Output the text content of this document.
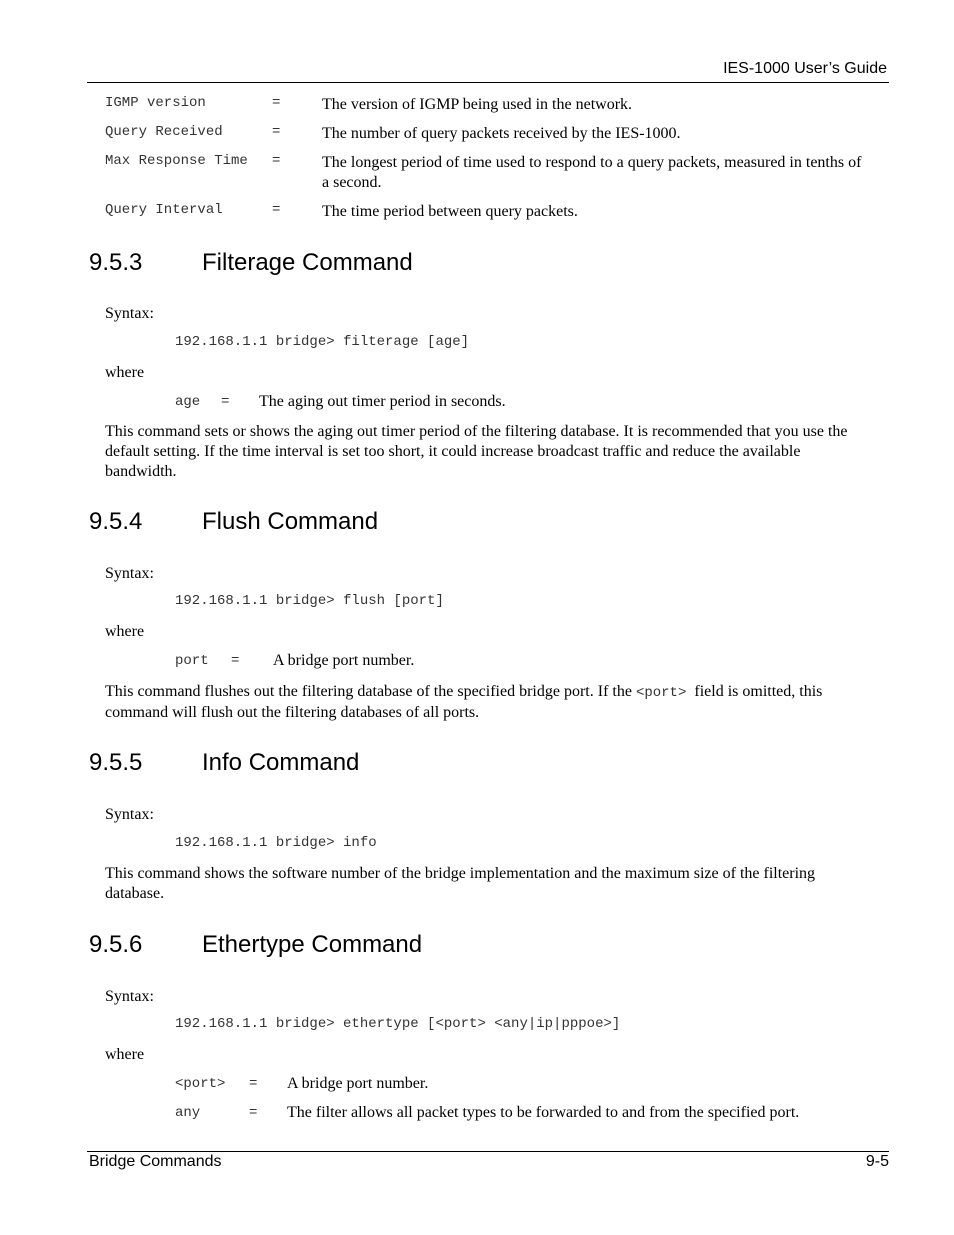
IES-1000 User’s Guide
IGMP version	=	The version of IGMP being used in the network.
Query Received	=	The number of query packets received by the IES-1000.
Max Response Time =	The longest period of time used to respond to a query packets, measured in tenths of a second.
Query Interval	=	The time period between query packets.
9.5.3 Filterage Command
Syntax:
192.168.1.1 bridge> filterage [age]
where
age = The aging out timer period in seconds.
This command sets or shows the aging out timer period of the filtering database. It is recommended that you use the default setting. If the time interval is set too short, it could increase broadcast traffic and reduce the available bandwidth.
9.5.4 Flush Command
Syntax:
192.168.1.1 bridge> flush [port]
where
port = A bridge port number.
This command flushes out the filtering database of the specified bridge port. If the <port>  field is omitted, this command will flush out the filtering databases of all ports.
9.5.5 Info Command
Syntax:
192.168.1.1 bridge> info
This command shows the software number of the bridge implementation and the maximum size of the filtering database.
9.5.6 Ethertype Command
Syntax:
192.168.1.1 bridge> ethertype [<port> <any|ip|pppoe>]
where
<port> = A bridge port number.
any	= The filter allows all packet types to be forwarded to and from the specified port.
Bridge Commands	9-5
